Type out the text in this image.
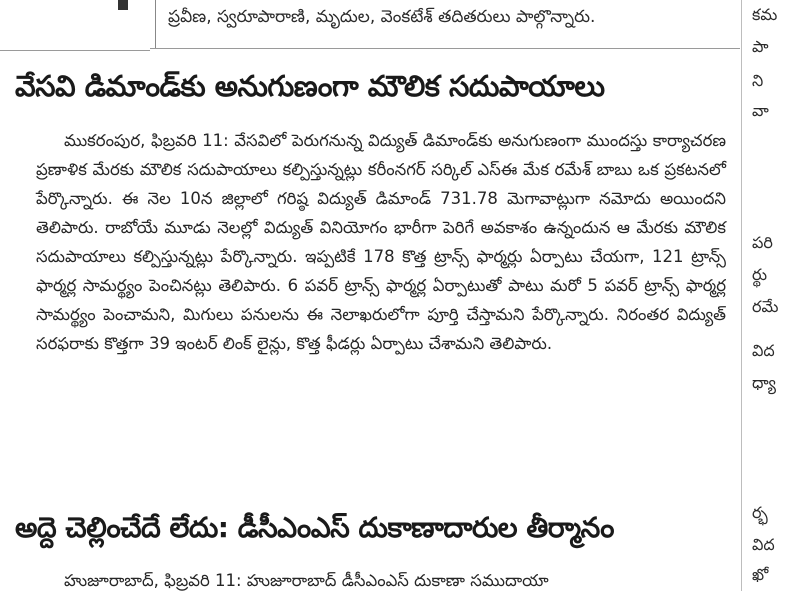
ప్రవీణ, స్వరూపారాణి, మృదుల, వెంకటేశ్ తదితరులు పాల్గొన్నారు.
వేసవి డిమాండ్‌కు అనుగుణంగా మౌలిక సదుపాయాలు
ముకరంపుర, ఫిబ్రవరి 11: వేసవిలో పెరుగనున్న విద్యుత్ డిమాండ్‌కు అనుగుణంగా ముందస్తు కార్యాచరణ ప్రణాళిక మేరకు మౌలిక సదుపాయాలు కల్పిస్తున్నట్లు కరీంనగర్ సర్కిల్ ఎస్ఈ మేక రమేశ్ బాబు ఒక ప్రకటనలో పేర్కొన్నారు. ఈ నెల 10న జిల్లాలో గరిష్ఠ విద్యుత్ డిమాండ్ 731.78 మెగావాట్లుగా నమోదు అయిందని తెలిపారు. రాబోయే మూడు నెలల్లో విద్యుత్ వినియోగం భారీగా పెరిగే అవకాశం ఉన్నందున ఆ మేరకు మౌలిక సదుపాయాలు కల్పిస్తున్నట్లు పేర్కొన్నారు. ఇప్పటికే 178 కొత్త ట్రాన్స్ ఫార్మర్లు ఏర్పాటు చేయగా, 121 ట్రాన్స్ ఫార్మర్ల సామర్థ్యం పెంచినట్లు తెలిపారు. 6 పవర్ ట్రాన్స్ ఫార్మర్ల ఏర్పాటుతో పాటు మరో 5 పవర్ ట్రాన్స్ ఫార్మర్ల సామర్థ్యం పెంచామని, మిగులు పనులను ఈ నెలాఖరులోగా పూర్తి చేస్తామని పేర్కొన్నారు. నిరంతర విద్యుత్ సరఫరాకు కొత్తగా 39 ఇంటర్ లింక్ లైన్లు, కొత్త ఫీడర్లు ఏర్పాటు చేశామని తెలిపారు.
అద్దె చెల్లించేదే లేదు: డీసీఎంఎస్ దుకాణాదారుల తీర్మానం
హుజూరాబాద్, ఫిబ్రవరి 11: హుజూరాబాద్ డీసీఎంఎస్ దుకాణా సముదాయా
కమ
పా
ని
వా
పరి
ర్థు
రమే
విద
ధ్యా
ర్భ
విద
ఖో
